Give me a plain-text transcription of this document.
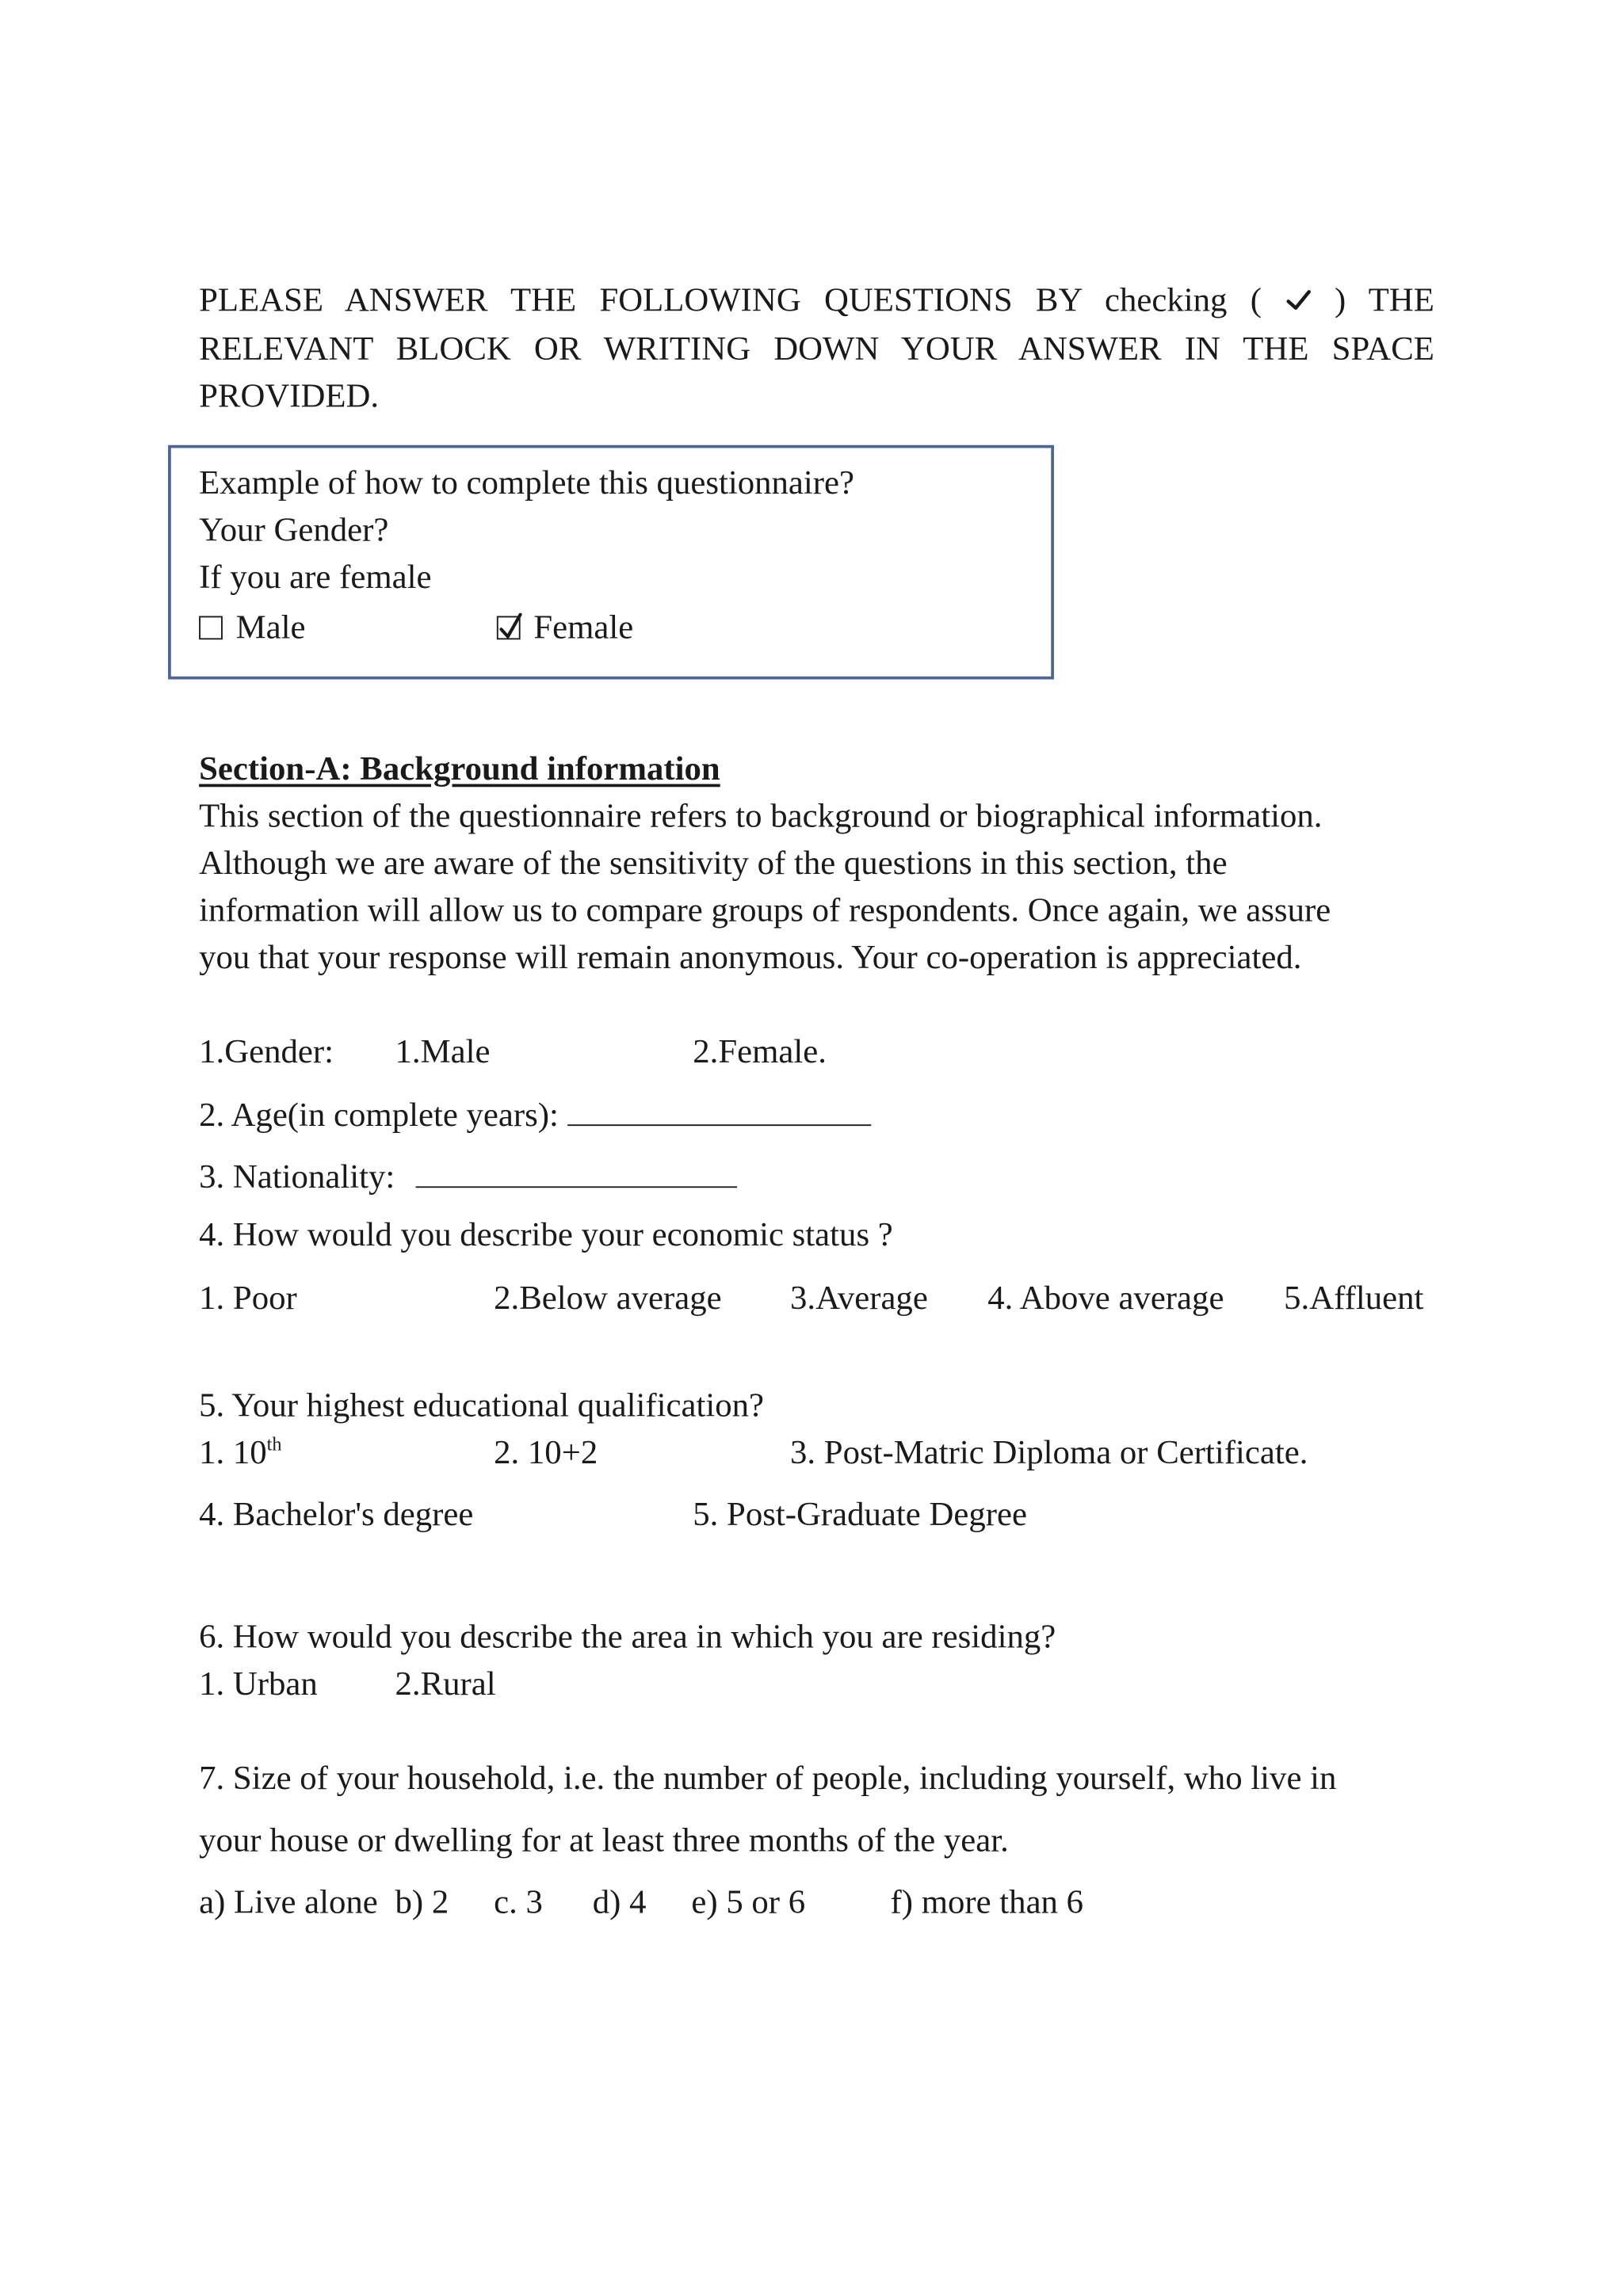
PLEASE ANSWER THE FOLLOWING QUESTIONS BY checking (	) THE
RELEVANT BLOCK OR WRITING DOWN YOUR ANSWER IN THE SPACE
PROVIDED.
Example of how to complete this questionnaire?
Your Gender?
If you are female
Male	Female
Section-A: Background information
This section of the questionnaire refers to background or biographical information.
Although we are aware of the sensitivity of the questions in this section, the
information will allow us to compare groups of respondents. Once again, we assure
you that your response will remain anonymous. Your co-operation is appreciated.
1.Gender:	1.Male	2.Female.
2. Age(in complete years):
3. Nationality:
4. How would you describe your economic status ?
1. Poor	2.Below average	3.Average	4. Above average	5.Affluent
5. Your highest educational qualification?
1. 10th	2. 10+2	3. Post-Matric Diploma or Certificate.
4. Bachelor's degree	5. Post-Graduate Degree
6. How would you describe the area in which you are residing?
1. Urban	2.Rural
7. Size of your household, i.e. the number of people, including yourself, who live in
your house or dwelling for at least three months of the year.
a) Live alone b) 2 c. 3	d) 4 e) 5 or 6	f) more than 6
